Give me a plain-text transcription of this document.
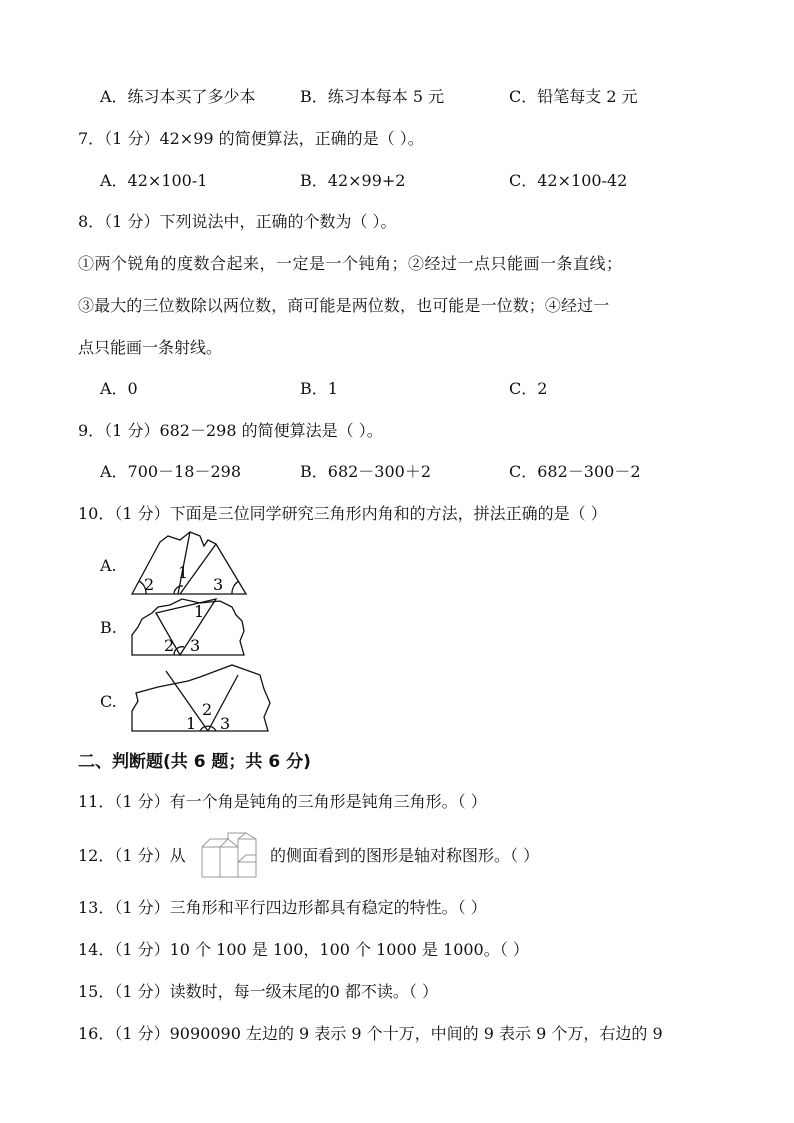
A．练习本买了多少本	B．练习本每本 5 元	C．铅笔每支 2 元
7．（1 分）42×99 的简便算法，正确的是（ ）。
A．42×100-1	B．42×99+2	C．42×100-42
8．（1 分）下列说法中，正确的个数为（ ）。
①两个锐角的度数合起来，一定是一个钝角；②经过一点只能画一条直线；
③最大的三位数除以两位数，商可能是两位数，也可能是一位数；④经过一
点只能画一条射线。
A．0	B．1	C．2
9．（1 分）682－298 的简便算法是（ ）。
A．700－18－298	B．682－300＋2	C．682－300－2
10．（1 分）下面是三位同学研究三角形内角和的方法，拼法正确的是（ ）
A.
2
1
3
B.
1
2 3
C.
1
2
3
二、判断题(共 6 题；共 6 分)
11．（1 分）有一个角是钝角的三角形是钝角三角形。（ ）
12．（1 分）从	的侧面看到的图形是轴对称图形。（ ）
13．（1 分）三角形和平行四边形都具有稳定的特性。（ ）
14．（1 分）10 个 100 是 100，100 个 1000 是 1000。（ ）
15．（1 分）读数时，每一级末尾的0 都不读。（ ）
16．（1 分）9090090 左边的 9 表示 9 个十万，中间的 9 表示 9 个万，右边的 9
